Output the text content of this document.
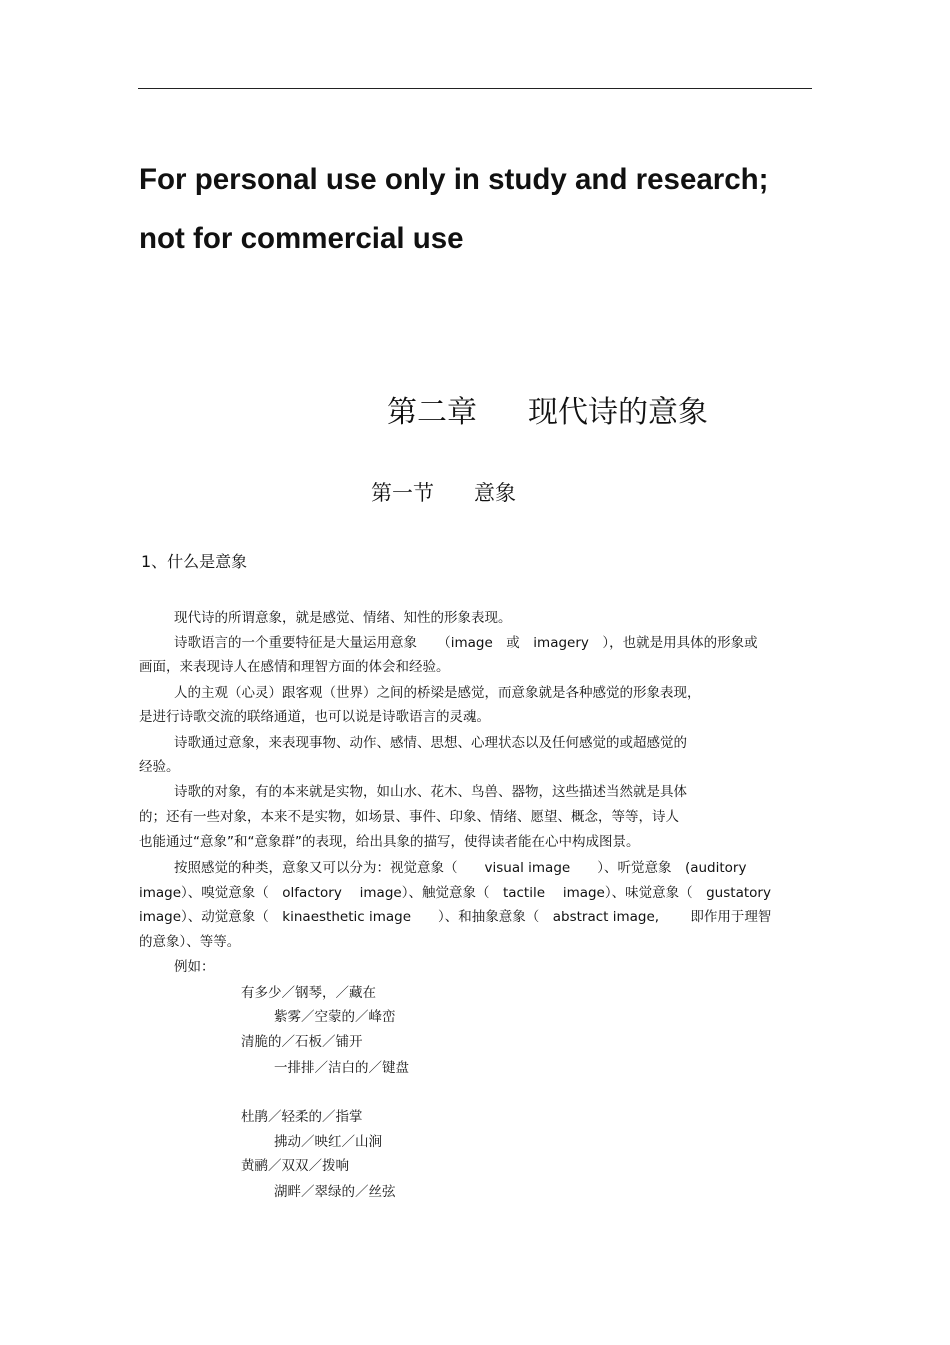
For personal use only in study and research;
not for commercial use
第二章 现代诗的意象
第一节 意象
1、什么是意象
现代诗的所谓意象，就是感觉、情绪、知性的形象表现。
诗歌语言的一个重要特征是大量运用意象　　（image　或　imagery　），也就是用具体的形象或
画面，来表现诗人在感情和理智方面的体会和经验。
人的主观（心灵）跟客观（世界）之间的桥梁是感觉，而意象就是各种感觉的形象表现，
是进行诗歌交流的联络通道，也可以说是诗歌语言的灵魂。
诗歌通过意象，来表现事物、动作、感情、思想、心理状态以及任何感觉的或超感觉的
经验。
诗歌的对象，有的本来就是实物，如山水、花木、鸟兽、器物，这些描述当然就是具体
的；还有一些对象，本来不是实物，如场景、事件、印象、情绪、愿望、概念，等等，诗人
也能通过“意象”和“意象群”的表现，给出具象的描写，使得读者能在心中构成图景。
按照感觉的种类，意象又可以分为：视觉意象（　　visual image　　）、听觉意象　(auditory
image）、嗅觉意象（　olfactory　 image）、触觉意象（　tactile　 image）、味觉意象（　gustatory
image）、动觉意象（　kinaesthetic image　　）、和抽象意象（　abstract image,　　 即作用于理智
的意象）、等等。
例如：
有多少／钢琴，／藏在
紫雾／空蒙的／峰峦
清脆的／石板／铺开
一排排／洁白的／键盘
杜鹃／轻柔的／指掌
拂动／映红／山涧
黄鹂／双双／拨响
湖畔／翠绿的／丝弦
